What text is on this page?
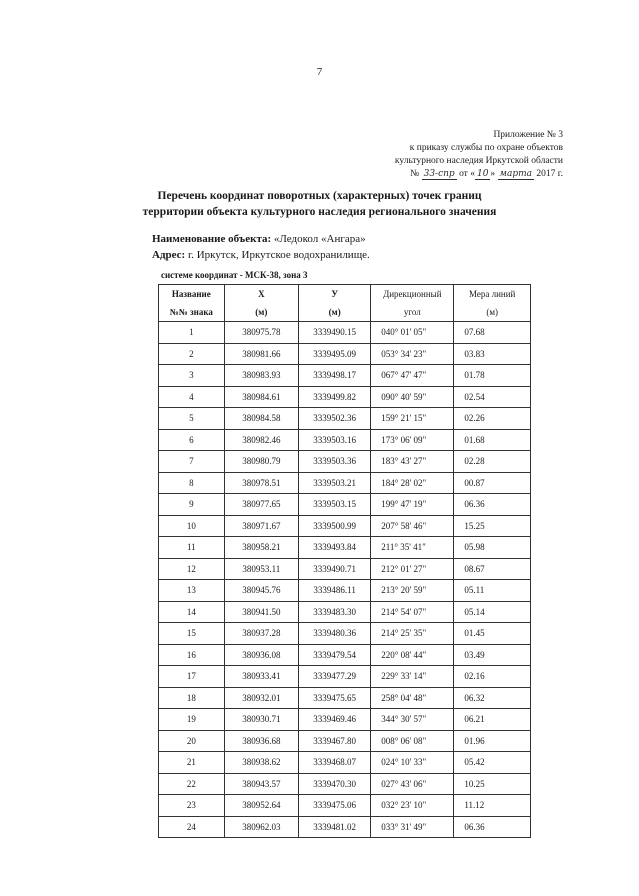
7
Приложение № 3
к приказу службы по охране объектов
культурного наследия Иркутской области
№ 33-спр от « 10 » марта 2017 г.
Перечень координат поворотных (характерных) точек границ
территории объекта культурного наследия регионального значения
Наименование объекта: «Ледокол «Ангара»
Адрес: г. Иркутск, Иркутское водохранилище.
системе координат - МСК-38, зона 3
Название	Х	У	Дирекционный	Мера линий
№№ знака	(м)	(м)	угол	(м)
1	380975.78	3339490.15	040° 01' 05"	07.68
2	380981.66	3339495.09	053° 34' 23"	03.83
3	380983.93	3339498.17	067° 47' 47"	01.78
4	380984.61	3339499.82	090° 40' 59"	02.54
5	380984.58	3339502.36	159° 21' 15"	02.26
6	380982.46	3339503.16	173° 06' 09"	01.68
7	380980.79	3339503.36	183° 43' 27"	02.28
8	380978.51	3339503.21	184° 28' 02"	00.87
9	380977.65	3339503.15	199° 47' 19"	06.36
10	380971.67	3339500.99	207° 58' 46"	15.25
11	380958.21	3339493.84	211° 35' 41"	05.98
12	380953.11	3339490.71	212° 01' 27"	08.67
13	380945.76	3339486.11	213° 20' 59"	05.11
14	380941.50	3339483.30	214° 54' 07"	05.14
15	380937.28	3339480.36	214° 25' 35"	01.45
16	380936.08	3339479.54	220° 08' 44"	03.49
17	380933.41	3339477.29	229° 33' 14"	02.16
18	380932.01	3339475.65	258° 04' 48"	06.32
19	380930.71	3339469.46	344° 30' 57"	06.21
20	380936.68	3339467.80	008° 06' 08"	01.96
21	380938.62	3339468.07	024° 10' 33"	05.42
22	380943.57	3339470.30	027° 43' 06"	10.25
23	380952.64	3339475.06	032° 23' 10"	11.12
24	380962.03	3339481.02	033° 31' 49"	06.36
